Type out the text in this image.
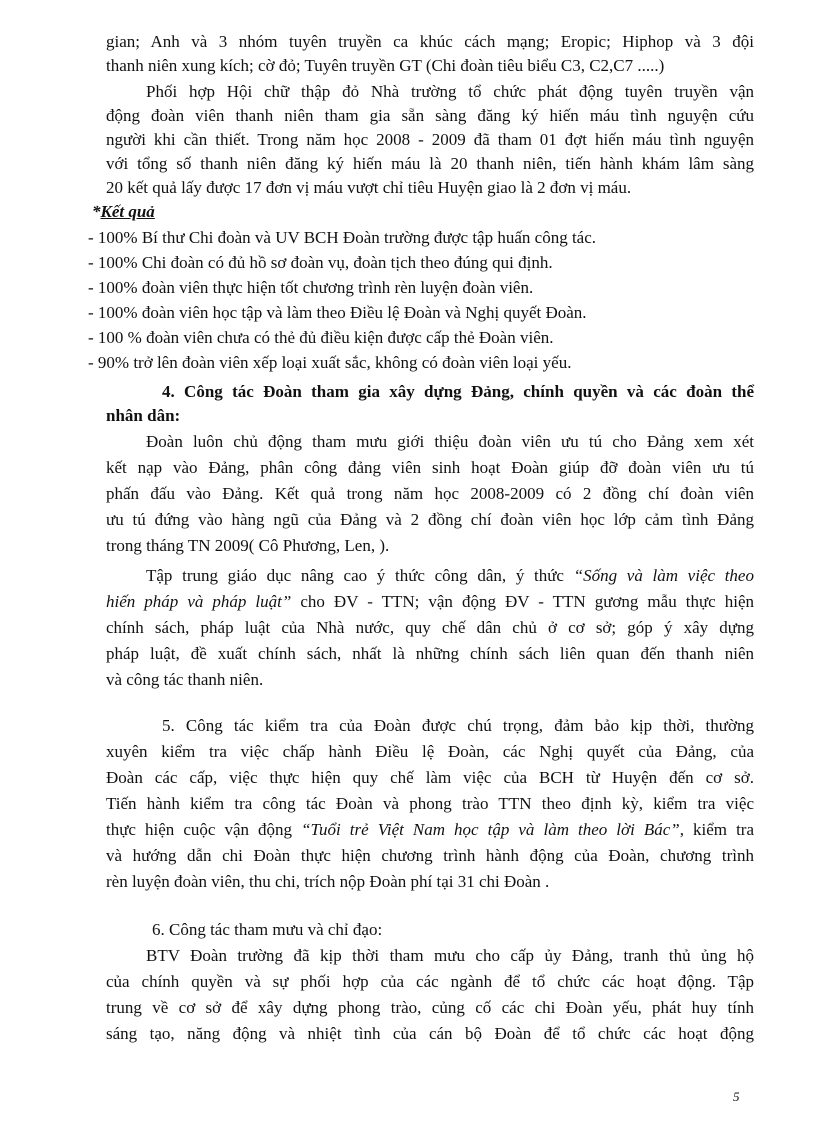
gian; Anh và 3 nhóm tuyên truyền ca khúc cách mạng; Eropic; Hiphop và 3 đội
thanh niên xung kích; cờ đỏ; Tuyên truyền GT (Chi đoàn tiêu biểu C3, C2,C7 .....)
Phối hợp Hội chữ thập đỏ Nhà trường tổ chức phát động tuyên truyền vận
động đoàn viên thanh niên tham gia sẵn sàng đăng ký hiến máu tình nguyện cứu
người khi cần thiết. Trong năm học 2008 - 2009 đã tham 01 đợt hiến máu tình nguyện
với tổng số thanh niên đăng ký hiến máu là 20 thanh niên, tiến hành khám lâm sàng
20 kết quả lấy được 17 đơn vị máu vượt chỉ tiêu Huyện giao là 2 đơn vị máu.
*Kết quả
- 100% Bí thư Chi đoàn và UV BCH Đoàn trường được tập huấn công tác.
- 100% Chi đoàn có đủ hồ sơ đoàn vụ, đoàn tịch theo đúng qui định.
- 100% đoàn viên thực hiện tốt chương trình rèn luyện đoàn viên.
- 100% đoàn viên học tập và làm theo Điều lệ Đoàn và Nghị quyết Đoàn.
- 100 % đoàn viên chưa có thẻ đủ điều kiện được cấp thẻ Đoàn viên.
- 90% trở lên đoàn viên xếp loại xuất sắc, không có đoàn viên loại yếu.
4. Công tác Đoàn tham gia xây dựng Đảng, chính quyền và các đoàn thể
nhân dân:
Đoàn luôn chủ động tham mưu giới thiệu đoàn viên ưu tú cho Đảng xem xét
kết nạp vào Đảng, phân công đảng viên sinh hoạt Đoàn giúp đỡ đoàn viên ưu tú
phấn đấu vào Đảng. Kết quả trong năm học 2008-2009 có 2 đồng chí đoàn viên
ưu tú đứng vào hàng ngũ của Đảng và 2 đồng chí đoàn viên học lớp cảm tình Đảng
trong tháng TN 2009( Cô Phương, Len, ).
Tập trung giáo dục nâng cao ý thức công dân, ý thức “Sống và làm việc theo
hiến pháp và pháp luật” cho ĐV - TTN; vận động ĐV - TTN gương mẫu thực hiện
chính sách, pháp luật của Nhà nước, quy chế dân chủ ở cơ sở; góp ý xây dựng
pháp luật, đề xuất chính sách, nhất là những chính sách liên quan đến thanh niên
và công tác thanh niên.
5. Công tác kiểm tra của Đoàn được chú trọng, đảm bảo kịp thời, thường
xuyên kiểm tra việc chấp hành Điều lệ Đoàn, các Nghị quyết của Đảng, của
Đoàn các cấp, việc thực hiện quy chế làm việc của BCH từ Huyện đến cơ sở.
Tiến hành kiểm tra công tác Đoàn và phong trào TTN theo định kỳ, kiểm tra việc
thực hiện cuộc vận động “Tuổi trẻ Việt Nam học tập và làm theo lời Bác”, kiểm tra
và hướng dẫn chi Đoàn thực hiện chương trình hành động của Đoàn, chương trình
rèn luyện đoàn viên, thu chi, trích nộp Đoàn phí tại 31 chi Đoàn .
6. Công tác tham mưu và chỉ đạo:
BTV Đoàn trường đã kịp thời tham mưu cho cấp ủy Đảng, tranh thủ ủng hộ
của chính quyền và sự phối hợp của các ngành để tổ chức các hoạt động. Tập
trung về cơ sở để xây dựng phong trào, củng cố các chi Đoàn yếu, phát huy tính
sáng tạo, năng động và nhiệt tình của cán bộ Đoàn để tổ chức các hoạt động
5
